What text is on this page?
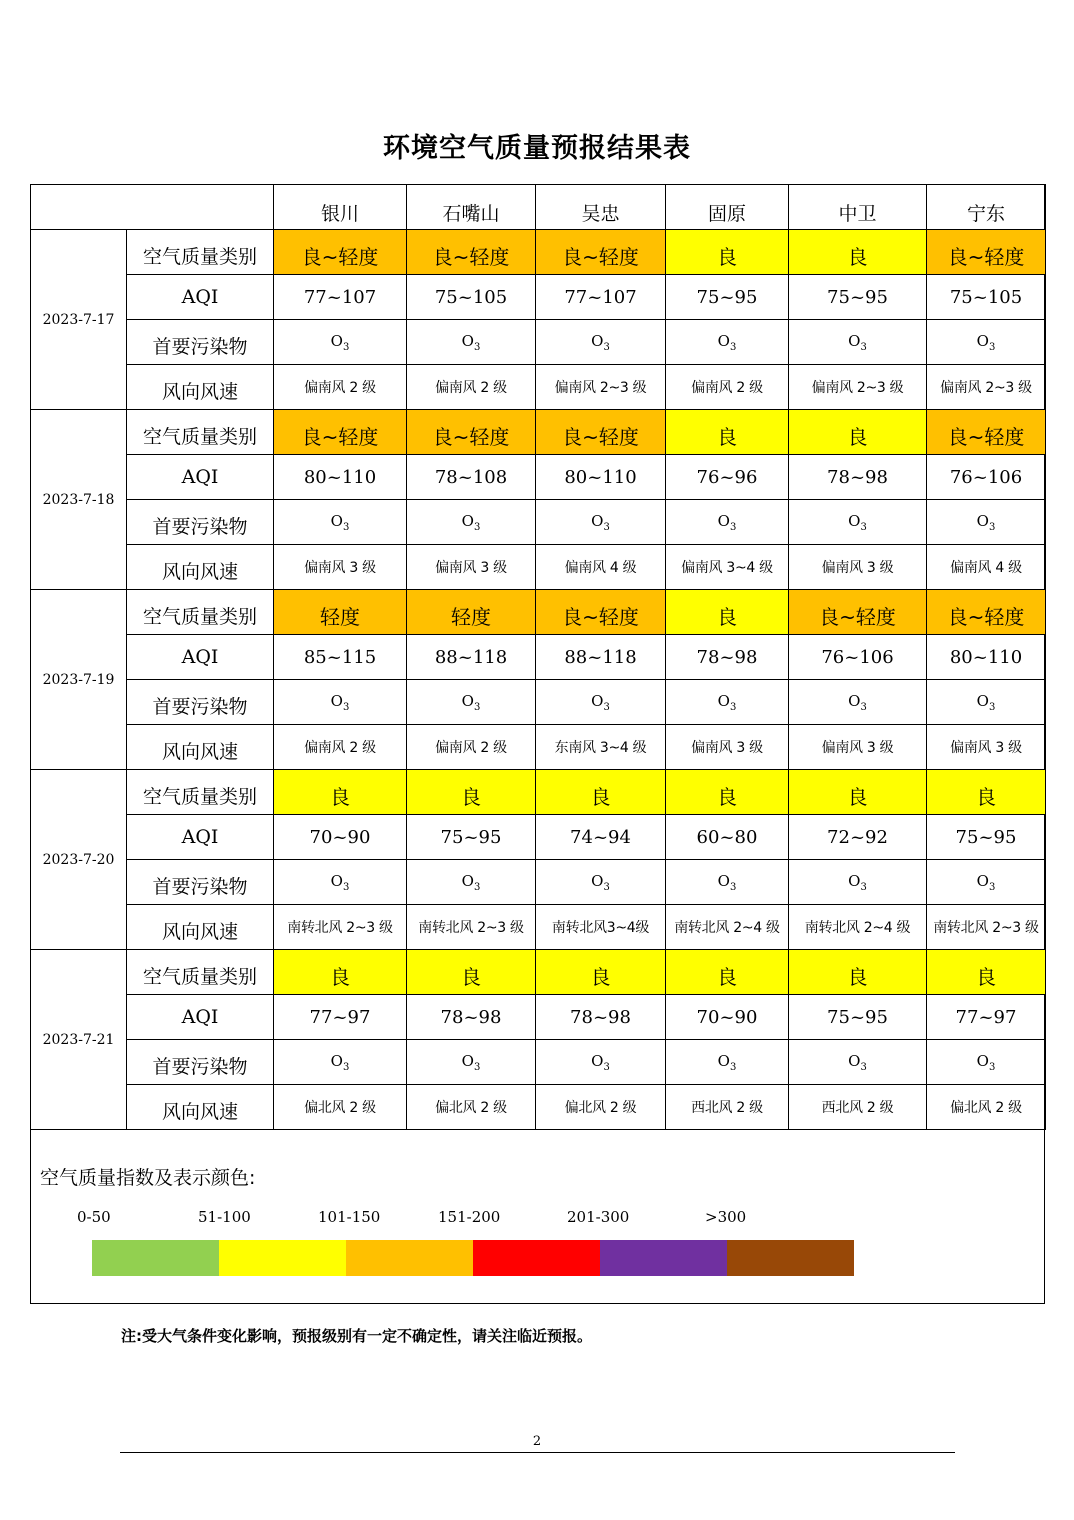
环境空气质量预报结果表
		银川	石嘴山	吴忠	固原	中卫	宁东
2023-7-17	空气质量类别	良~轻度	良~轻度	良~轻度	良	良	良~轻度
	AQI	77~107	75~105	77~107	75~95	75~95	75~105
	首要污染物	$O_3$	$O_3$	$O_3$	$O_3$	$O_3$	$O_3$
	风向风速	偏南风 2 级	偏南风 2 级	偏南风 2~3 级	偏南风 2 级	偏南风 2~3 级	偏南风 2~3 级
2023-7-18	空气质量类别	良~轻度	良~轻度	良~轻度	良	良	良~轻度
	AQI	80~110	78~108	80~110	76~96	78~98	76~106
	首要污染物	$O_3$	$O_3$	$O_3$	$O_3$	$O_3$	$O_3$
	风向风速	偏南风 3 级	偏南风 3 级	偏南风 4 级	偏南风 3~4 级	偏南风 3 级	偏南风 4 级
2023-7-19	空气质量类别	轻度	轻度	良~轻度	良	良~轻度	良~轻度
	AQI	85~115	88~118	88~118	78~98	76~106	80~110
	首要污染物	$O_3$	$O_3$	$O_3$	$O_3$	$O_3$	$O_3$
	风向风速	偏南风 2 级	偏南风 2 级	东南风 3~4 级	偏南风 3 级	偏南风 3 级	偏南风 3 级
2023-7-20	空气质量类别	良	良	良	良	良	良
	AQI	70~90	75~95	74~94	60~80	72~92	75~95
	首要污染物	$O_3$	$O_3$	$O_3$	$O_3$	$O_3$	$O_3$
	风向风速	南转北风 2~3 级	南转北风 2~3 级	南转北风3~4级	南转北风 2~4 级	南转北风 2~4 级	南转北风 2~3 级
2023-7-21	空气质量类别	良	良	良	良	良	良
	AQI	77~97	78~98	78~98	70~90	75~95	77~97
	首要污染物	$O_3$	$O_3$	$O_3$	$O_3$	$O_3$	$O_3$
	风向风速	偏北风 2 级	偏北风 2 级	偏北风 2 级	西北风 2 级	西北风 2 级	偏北风 2 级
空气质量指数及表示颜色:
0-50	51-100	101-150	151-200	201-300	>300
注:受大气条件变化影响，预报级别有一定不确定性，请关注临近预报。
2
